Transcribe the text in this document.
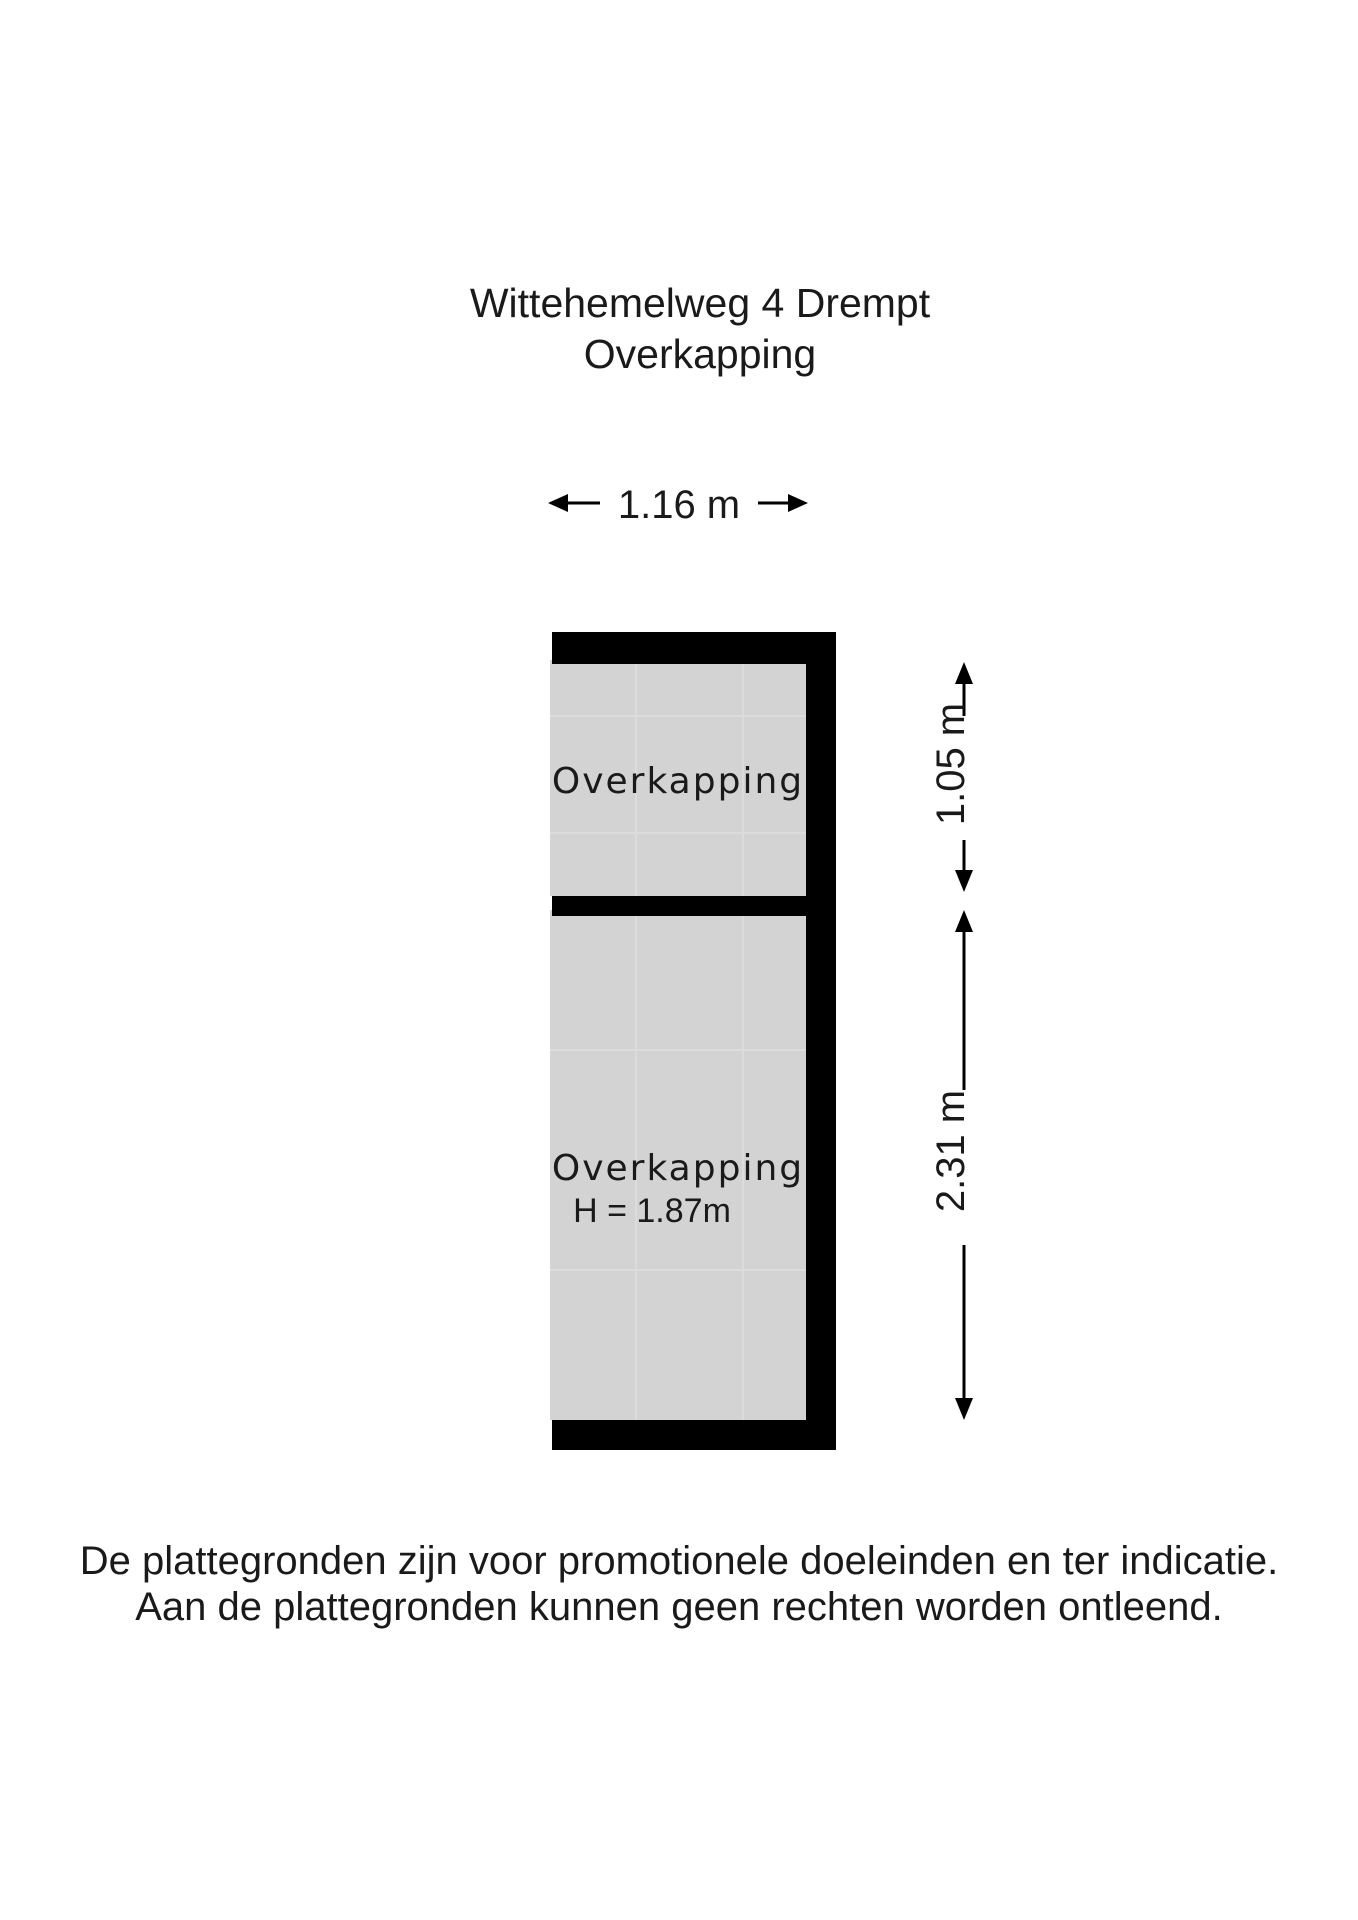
Wittehemelweg 4 Drempt
Overkapping
Overkapping
Overkapping
H = 1.87m
1.16 m
1.05 m
2.31 m
De plattegronden zijn voor promotionele doeleinden en ter indicatie.
Aan de plattegronden kunnen geen rechten worden ontleend.
